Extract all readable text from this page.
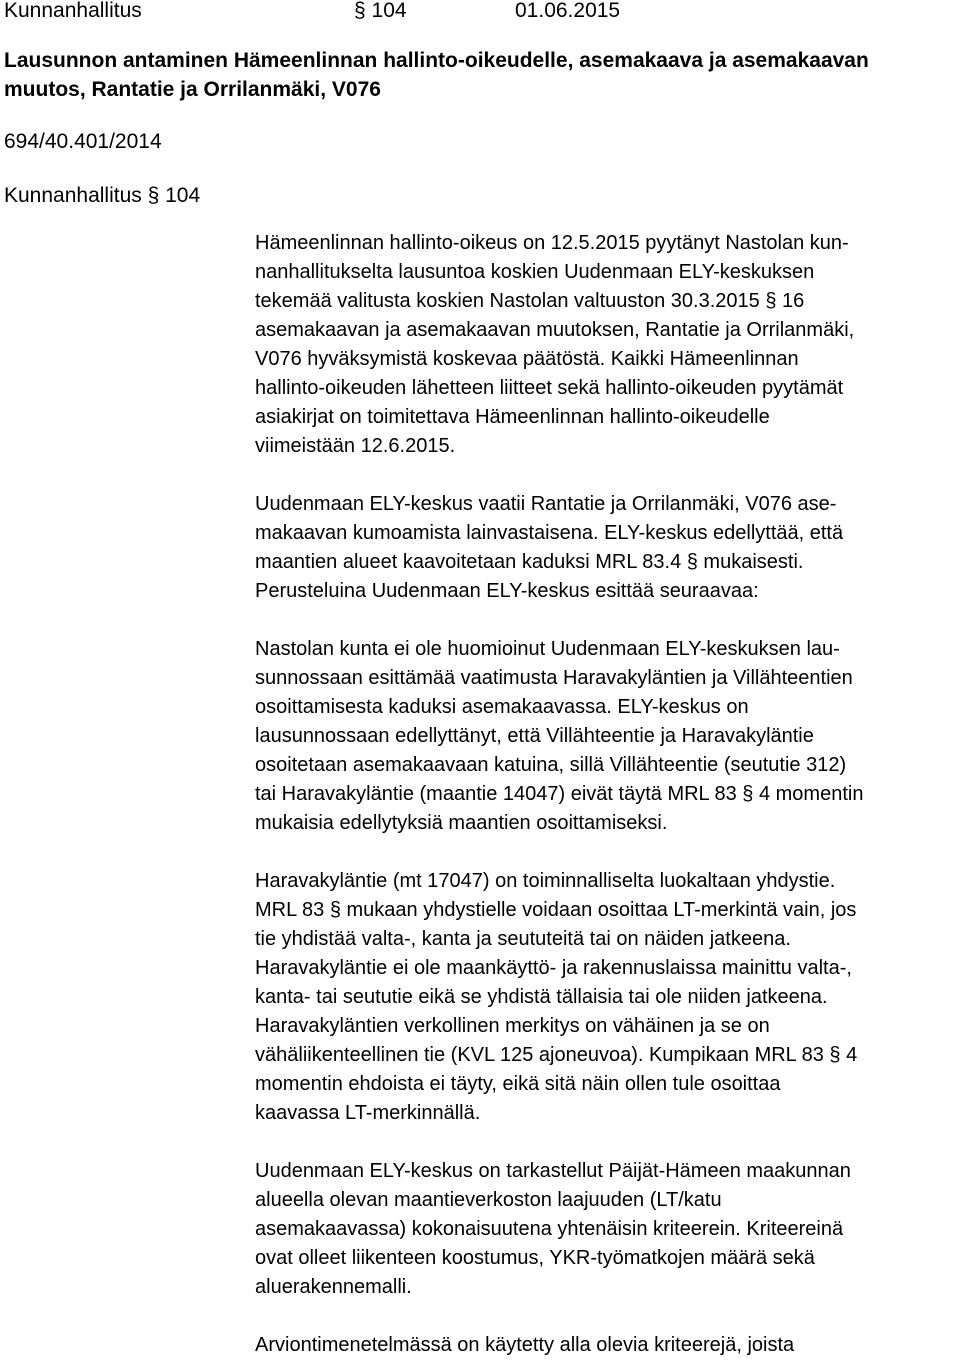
Kunnanhallitus	§ 104	01.06.2015
Lausunnon antaminen Hämeenlinnan hallinto-oikeudelle, asemakaava ja asemakaavan
muutos, Rantatie ja Orrilanmäki, V076
694/40.401/2014
Kunnanhallitus § 104
Hämeenlinnan hallinto-oikeus on 12.5.2015 pyytänyt Nastolan kun-
nanhallitukselta lausuntoa koskien Uudenmaan ELY-keskuksen
tekemää valitusta koskien Nastolan valtuuston 30.3.2015 § 16
asemakaavan ja asemakaavan muutoksen, Rantatie ja Orrilanmäki,
V076 hyväksymistä koskevaa päätöstä. Kaikki Hämeenlinnan
hallinto-oikeuden lähetteen liitteet sekä hallinto-oikeuden pyytämät
asiakirjat on toimitettava Hämeenlinnan hallinto-oikeudelle
viimeistään 12.6.2015.
Uudenmaan ELY-keskus vaatii Rantatie ja Orrilanmäki, V076 ase-
makaavan kumoamista lainvastaisena. ELY-keskus edellyttää, että
maantien alueet kaavoitetaan kaduksi MRL 83.4 § mukaisesti.
Perusteluina Uudenmaan ELY-keskus esittää seuraavaa:
Nastolan kunta ei ole huomioinut Uudenmaan ELY-keskuksen lau-
sunnossaan esittämää vaatimusta Haravakyläntien ja Villähteentien
osoittamisesta kaduksi asemakaavassa. ELY-keskus on
lausunnossaan edellyttänyt, että Villähteentie ja Haravakyläntie
osoitetaan asemakaavaan katuina, sillä Villähteentie (seututie 312)
tai Haravakyläntie (maantie 14047) eivät täytä MRL 83 § 4 momentin
mukaisia edellytyksiä maantien osoittamiseksi.
Haravakyläntie (mt 17047) on toiminnalliselta luokaltaan yhdystie.
MRL 83 § mukaan yhdystielle voidaan osoittaa LT-merkintä vain, jos
tie yhdistää valta-, kanta ja seututeitä tai on näiden jatkeena.
Haravakyläntie ei ole maankäyttö- ja rakennuslaissa mainittu valta-,
kanta- tai seututie eikä se yhdistä tällaisia tai ole niiden jatkeena.
Haravakyläntien verkollinen merkitys on vähäinen ja se on
vähäliikenteellinen tie (KVL 125 ajoneuvoa). Kumpikaan MRL 83 § 4
momentin ehdoista ei täyty, eikä sitä näin ollen tule osoittaa
kaavassa LT-merkinnällä.
Uudenmaan ELY-keskus on tarkastellut Päijät-Hämeen maakunnan
alueella olevan maantieverkoston laajuuden (LT/katu
asemakaavassa) kokonaisuutena yhtenäisin kriteerein. Kriteereinä
ovat olleet liikenteen koostumus, YKR-työmatkojen määrä sekä
aluerakennemalli.
Arviontimenetelmässä on käytetty alla olevia kriteerejä, joista
